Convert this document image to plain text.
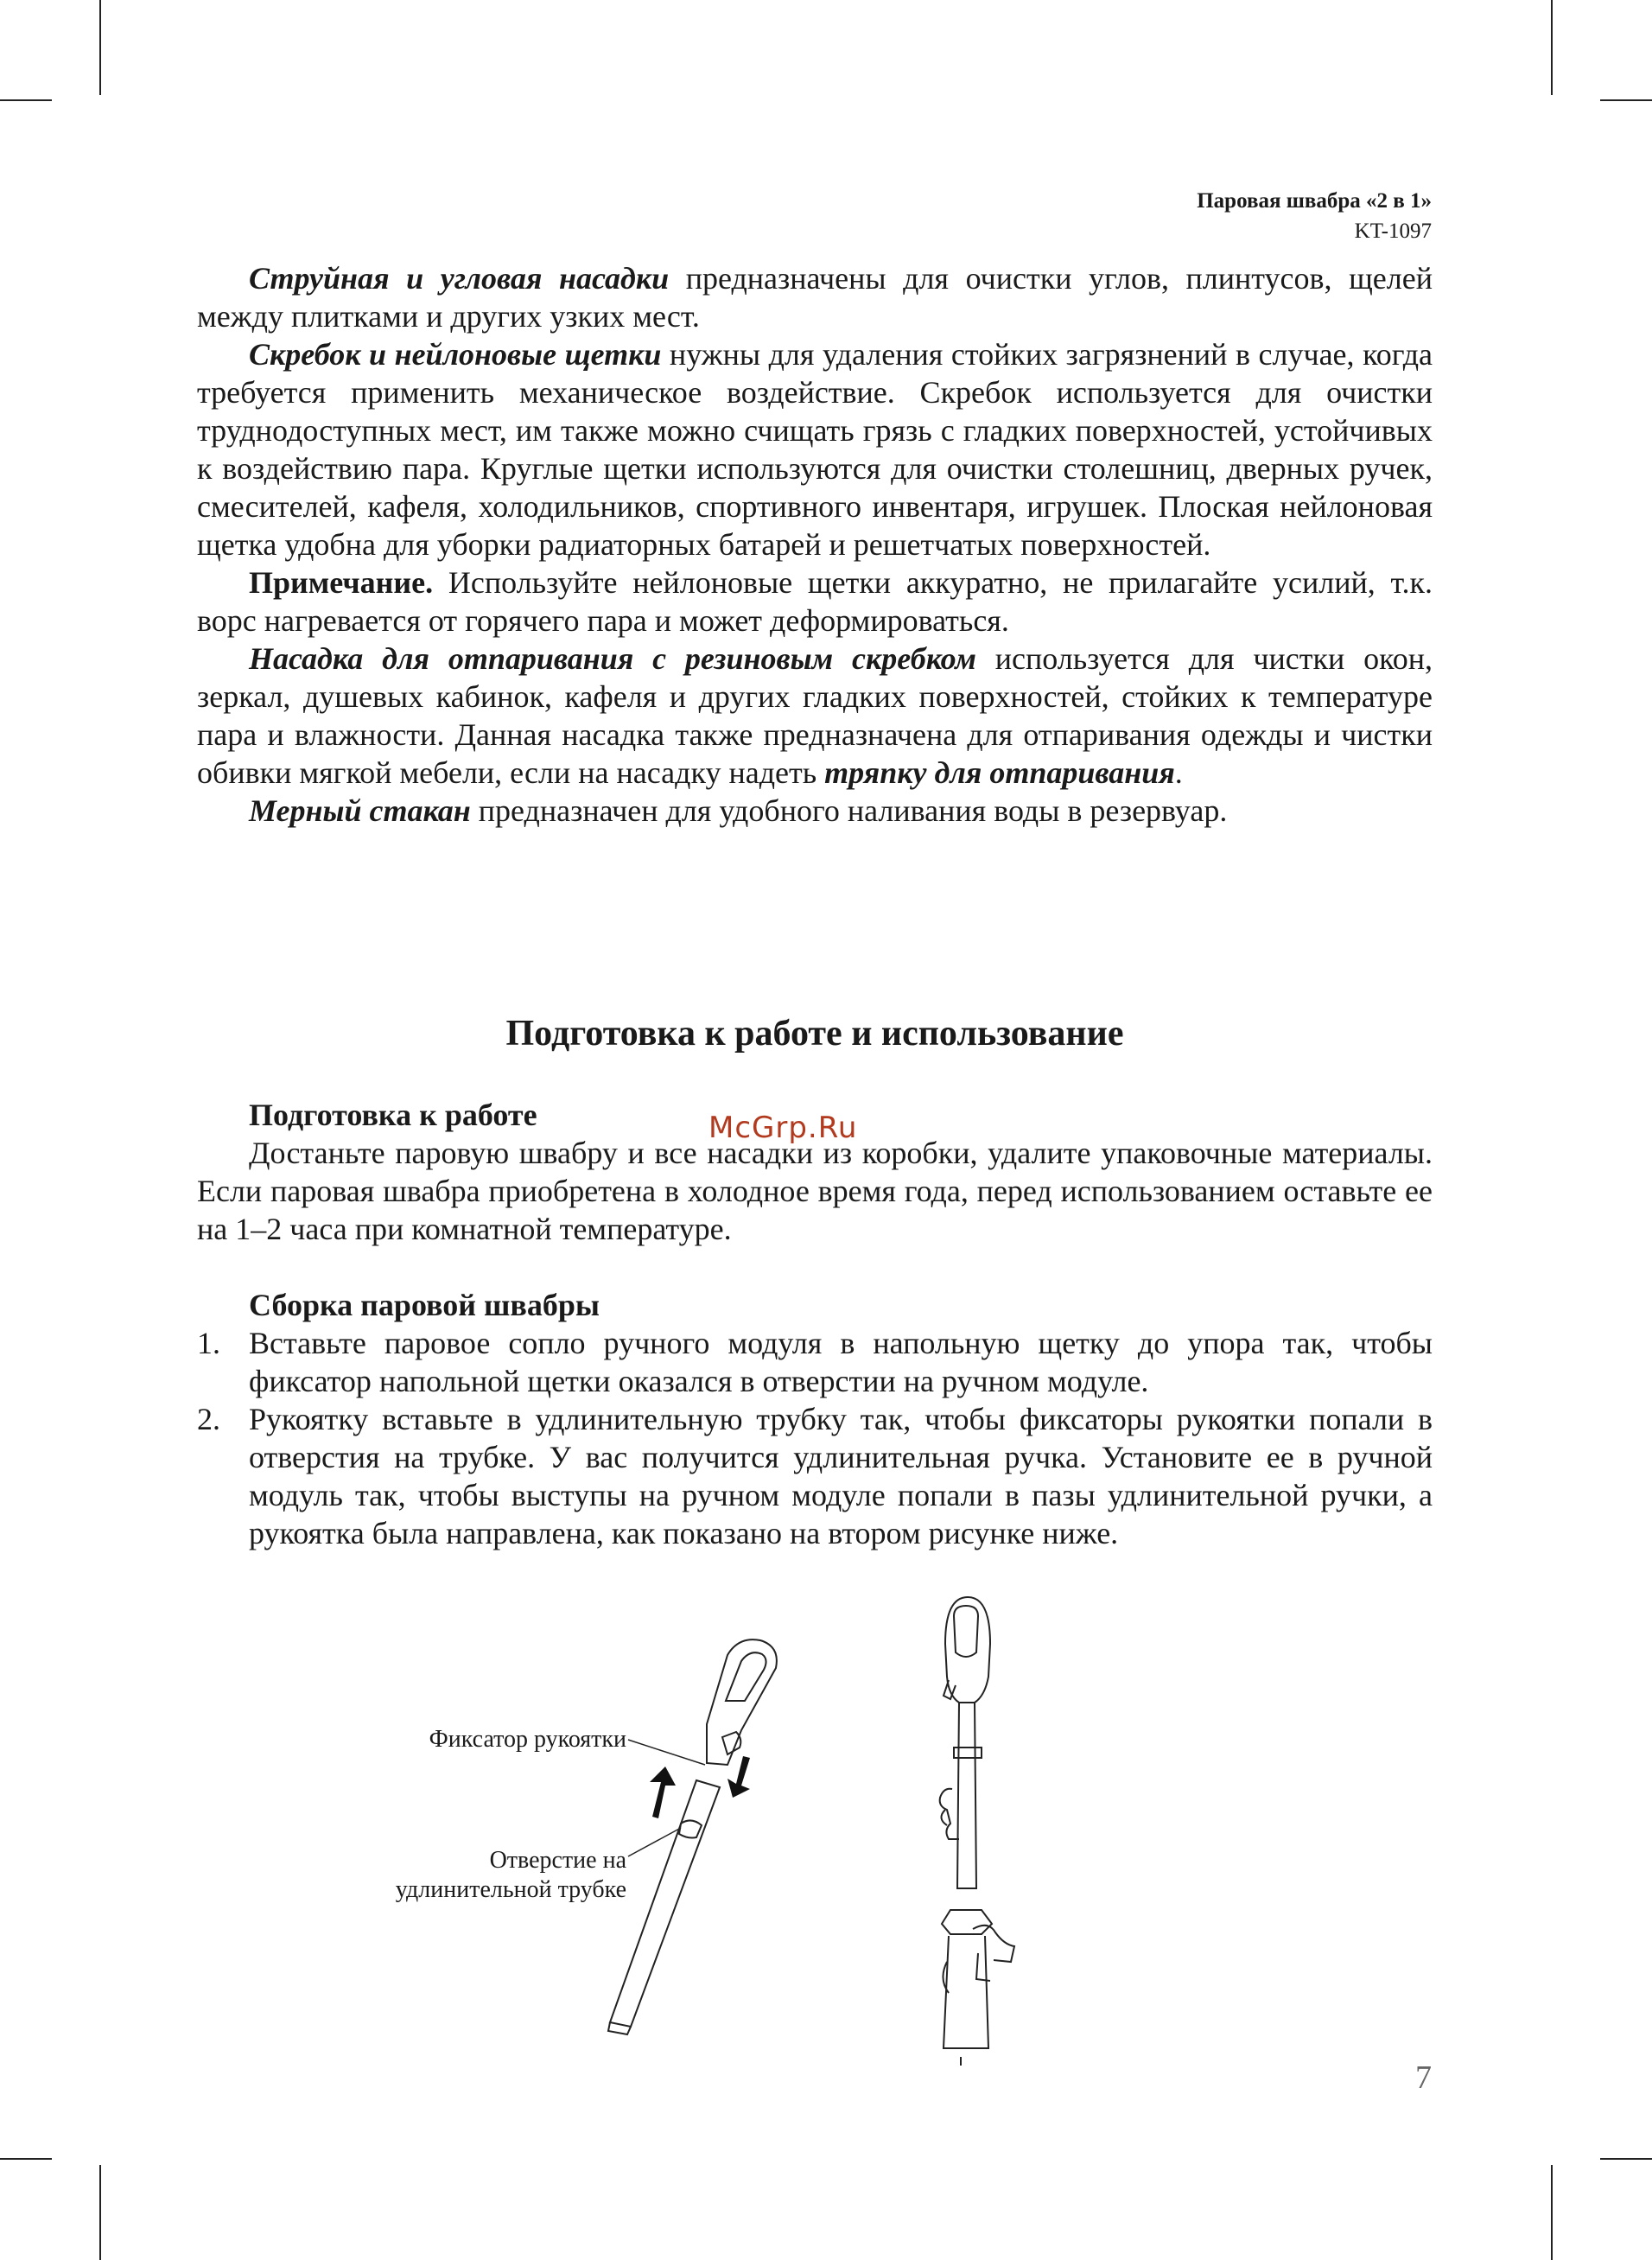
Паровая швабра «2 в 1»
KT-1097

Струйная и угловая насадки предназначены для очистки углов, плинтусов, щелей между плитками и других узких мест.

Скребок и нейлоновые щетки нужны для удаления стойких загрязнений в случае, когда требуется применить механическое воздействие. Скребок используется для очистки труднодоступных мест, им также можно счищать грязь с гладких поверхностей, устойчивых к воздействию пара. Круглые щетки используются для очистки столешниц, дверных ручек, смесителей, кафеля, холодильников, спортивного инвентаря, игрушек. Плоская нейлоновая щетка удобна для уборки радиаторных батарей и решетчатых поверхностей.

Примечание. Используйте нейлоновые щетки аккуратно, не прилагайте усилий, т.к. ворс нагревается от горячего пара и может деформироваться.

Насадка для отпаривания с резиновым скребком используется для чистки окон, зеркал, душевых кабинок, кафеля и других гладких поверхностей, стойких к температуре пара и влажности. Данная насадка также предназначена для отпаривания одежды и чистки обивки мягкой мебели, если на насадку надеть тряпку для отпаривания.

Мерный стакан предназначен для удобного наливания воды в резервуар.

Подготовка к работе и использование
McGrp.Ru
Подготовка к работе

Достаньте паровую швабру и все насадки из коробки, удалите упаковочные материалы. Если паровая швабра приобретена в холодное время года, перед использованием оставьте ее на 1–2 часа при комнатной температуре.

Сборка паровой швабры
1. Вставьте паровое сопло ручного модуля в напольную щетку до упора так, чтобы фиксатор напольной щетки оказался в отверстии на ручном модуле.
2. Рукоятку вставьте в удлинительную трубку так, чтобы фиксаторы рукоятки попали в отверстия на трубке. У вас получится удлинительная ручка. Установите ее в ручной модуль так, чтобы выступы на ручном модуле попали в пазы удлинительной ручки, а рукоятка была направлена, как показано на втором рисунке ниже.
Фиксатор рукоятки
Отверстие на удлинительной трубке
7
